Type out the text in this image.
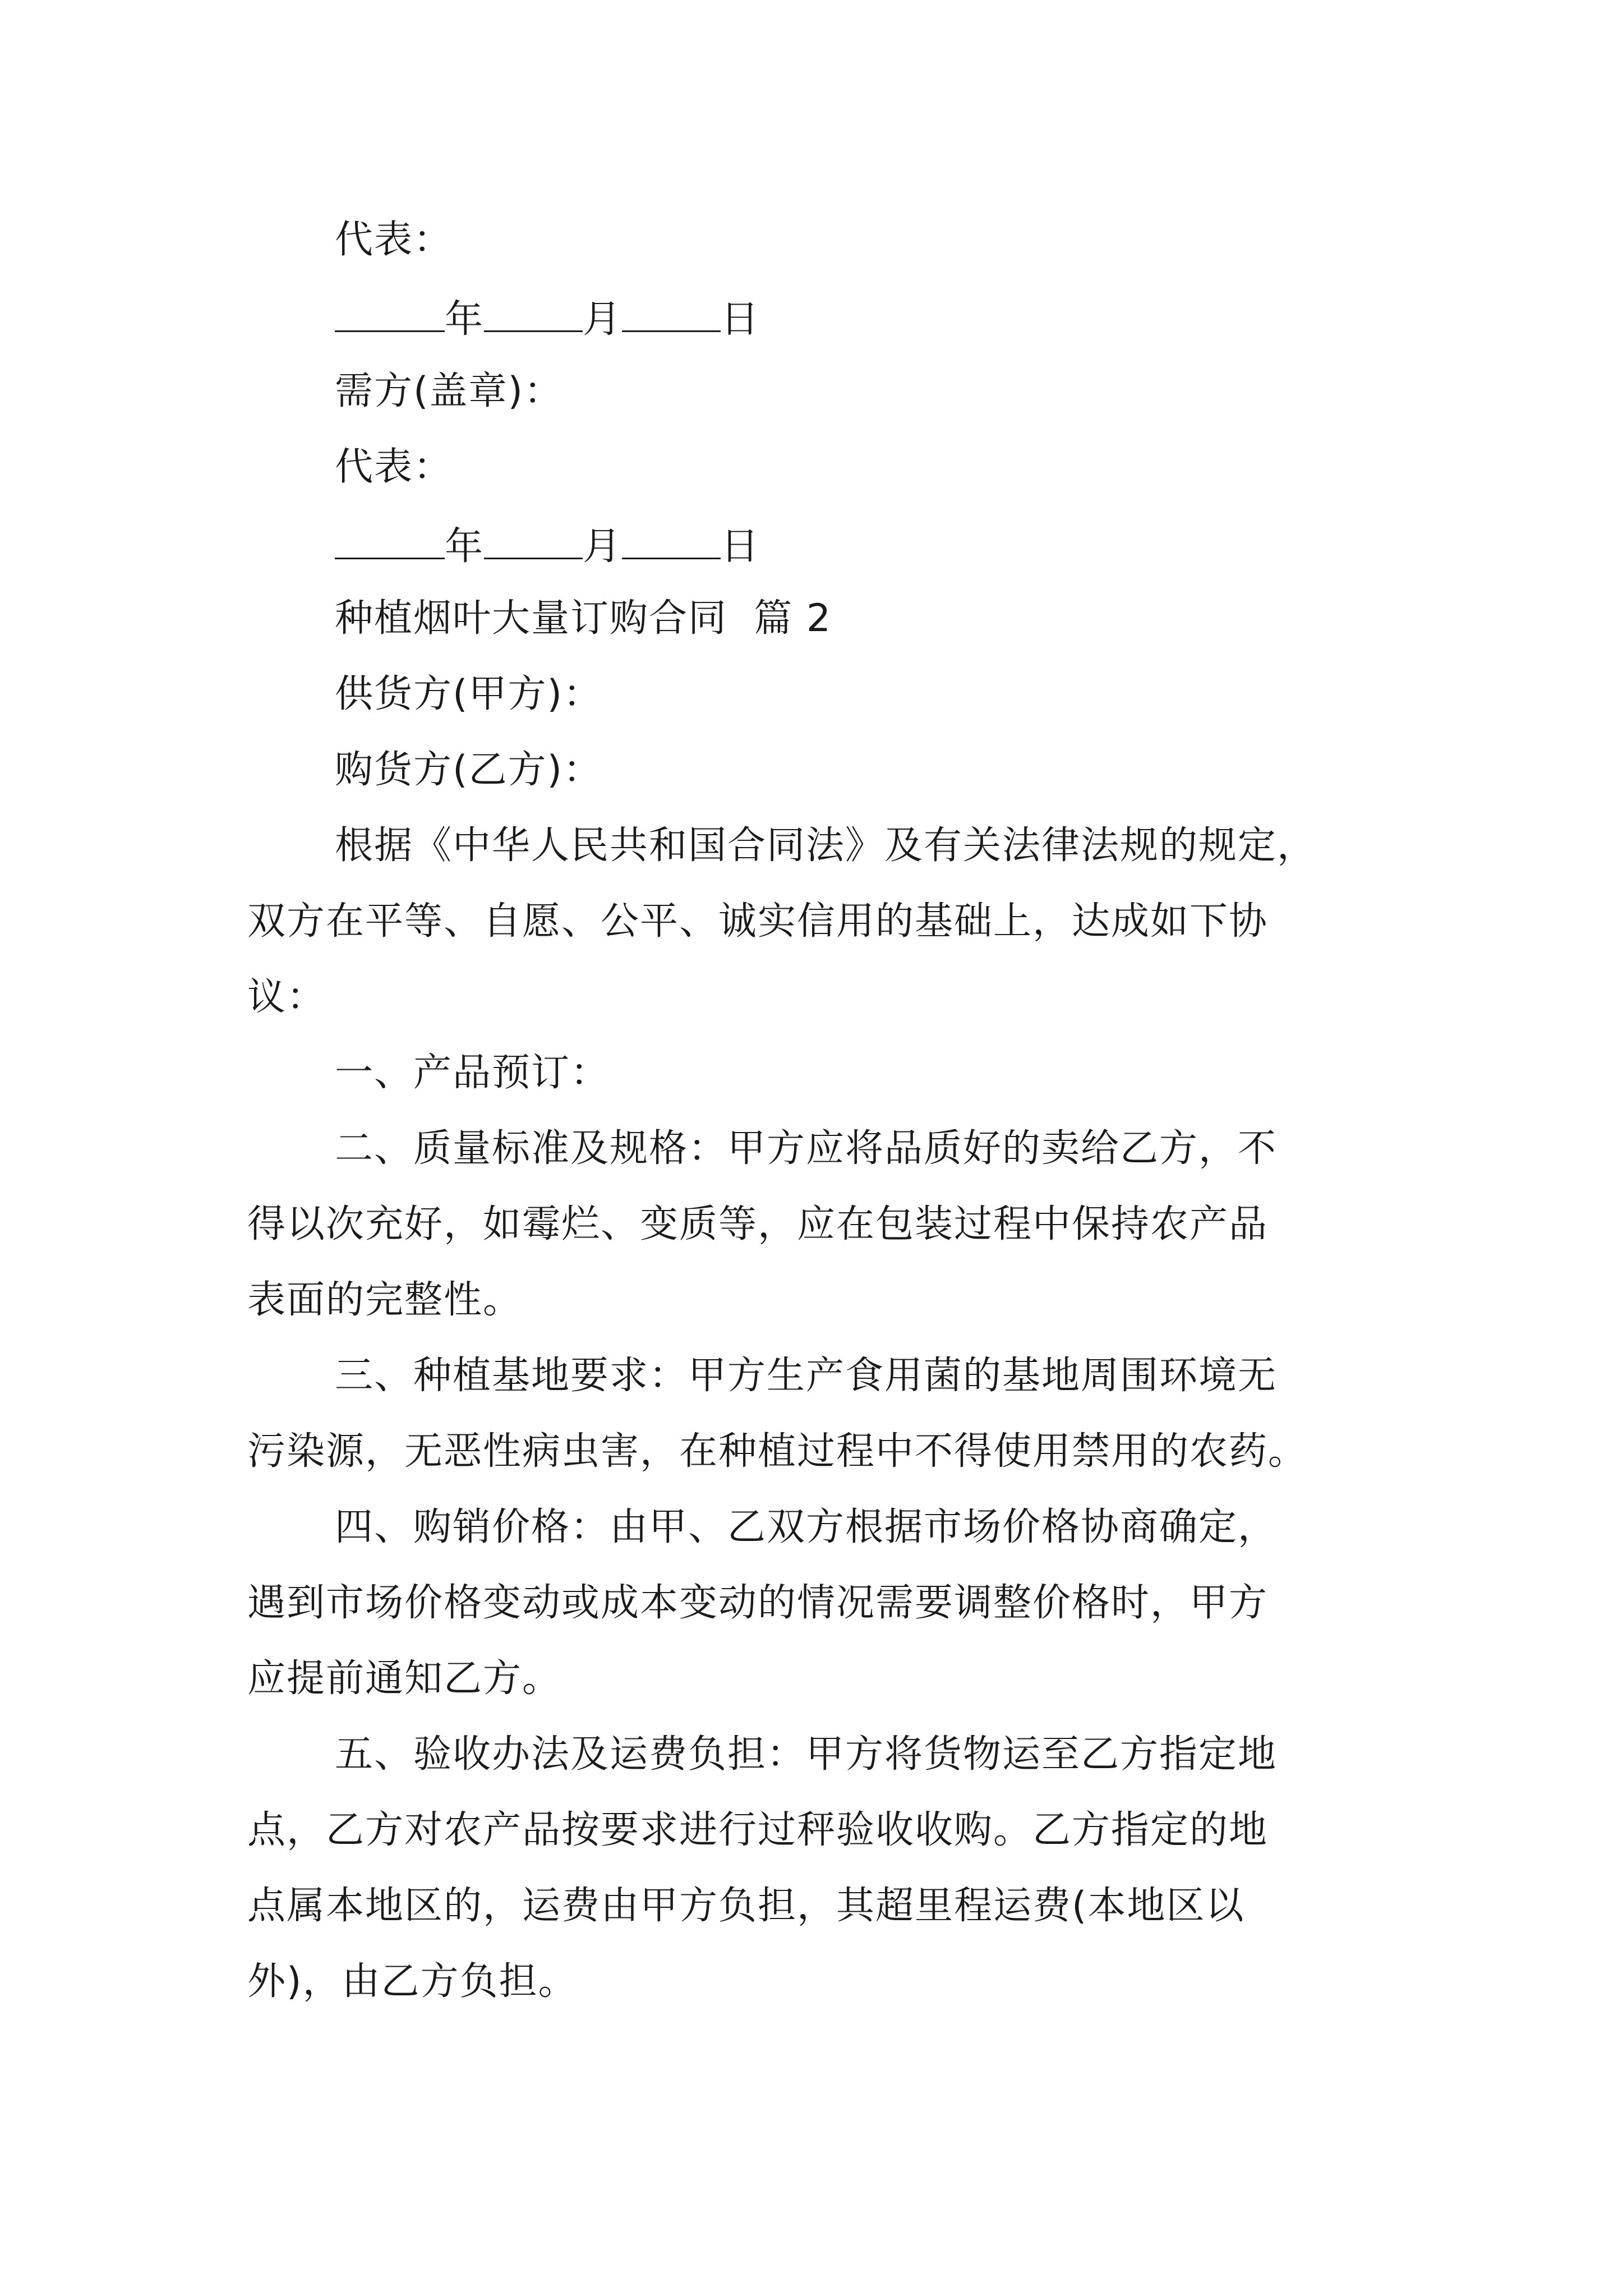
代表：
年	月	日
需方(盖章)：
代表：
年	月	日
种植烟叶大量订购合同  篇 2
供货方(甲方)：
购货方(乙方)：
根据《中华人民共和国合同法》及有关法律法规的规定，
双方在平等、自愿、公平、诚实信用的基础上，达成如下协
议：
一、产品预订：
二、质量标准及规格：甲方应将品质好的卖给乙方，不
得以次充好，如霉烂、变质等，应在包装过程中保持农产品
表面的完整性。
三、种植基地要求：甲方生产食用菌的基地周围环境无
污染源，无恶性病虫害，在种植过程中不得使用禁用的农药。
四、购销价格：由甲、乙双方根据市场价格协商确定，
遇到市场价格变动或成本变动的情况需要调整价格时，甲方
应提前通知乙方。
五、验收办法及运费负担：甲方将货物运至乙方指定地
点，乙方对农产品按要求进行过秤验收收购。乙方指定的地
点属本地区的，运费由甲方负担，其超里程运费(本地区以
外)，由乙方负担。
